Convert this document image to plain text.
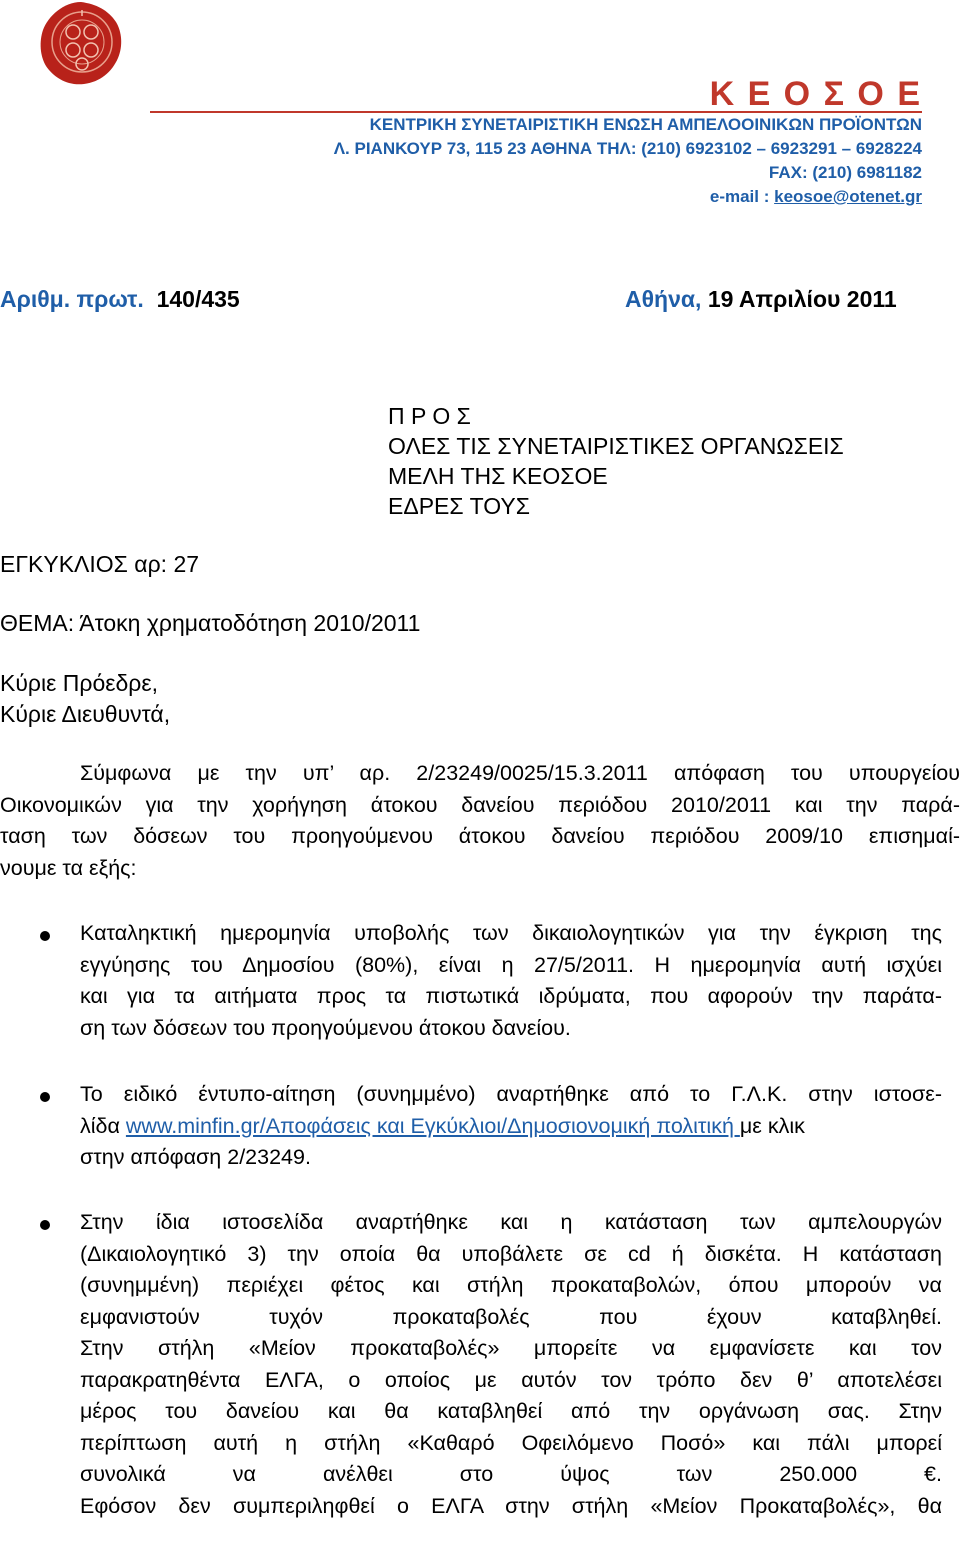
Κ Ε Ο Σ Ο Ε
ΚΕΝΤΡΙΚΗ ΣΥΝΕΤΑΙΡΙΣΤΙΚΗ ΕΝΩΣΗ ΑΜΠΕΛΟΟΙΝΙΚΩΝ ΠΡΟΪΟΝΤΩΝ
Λ. ΡΙΑΝΚΟΥΡ 73, 115 23 ΑΘΗΝΑ ΤΗΛ: (210) 6923102 – 6923291 – 6928224
FAX: (210) 6981182
e-mail : keosoe@otenet.gr
Αριθμ. πρωτ. 140/435	Αθήνα, 19 Απριλίου 2011
Π Ρ Ο Σ
ΟΛΕΣ ΤΙΣ ΣΥΝΕΤΑΙΡΙΣΤΙΚΕΣ ΟΡΓΑΝΩΣΕΙΣ
ΜΕΛΗ ΤΗΣ ΚΕΟΣΟΕ
ΕΔΡΕΣ ΤΟΥΣ
ΕΓΚΥΚΛΙΟΣ αρ: 27
ΘΕΜΑ: Άτοκη χρηματοδότηση 2010/2011
Κύριε Πρόεδρε,
Κύριε Διευθυντά,
Σύμφωνα με την υπ’ αρ. 2/23249/0025/15.3.2011 απόφαση του υπουργείου
Οικονομικών για την χορήγηση άτοκου δανείου περιόδου 2010/2011 και την παρά-
ταση των δόσεων του προηγούμενου άτοκου δανείου περιόδου 2009/10 επισημαί-
νουμε τα εξής:
Καταληκτική ημερομηνία υποβολής των δικαιολογητικών για την έγκριση της
εγγύησης του Δημοσίου (80%), είναι η 27/5/2011. Η ημερομηνία αυτή ισχύει
και για τα αιτήματα προς τα πιστωτικά ιδρύματα, που αφορούν την παράτα-
ση των δόσεων του προηγούμενου άτοκου δανείου.
Το ειδικό έντυπο-αίτηση (συνημμένο) αναρτήθηκε από το Γ.Λ.Κ. στην ιστοσε-
λίδα www.minfin.gr/Αποφάσεις και Εγκύκλιοι/Δημοσιονομική πολιτική με κλικ
στην απόφαση 2/23249.
Στην ίδια ιστοσελίδα αναρτήθηκε και η κατάσταση των αμπελουργών
(Δικαιολογητικό 3) την οποία θα υποβάλετε σε cd ή δισκέτα. Η κατάσταση
(συνημμένη) περιέχει φέτος και στήλη προκαταβολών, όπου μπορούν να
εμφανιστούν τυχόν προκαταβολές που έχουν καταβληθεί.
Στην στήλη «Μείον προκαταβολές» μπορείτε να εμφανίσετε και τον
παρακρατηθέντα ΕΛΓΑ, ο οποίος με αυτόν τον τρόπο δεν θ’ αποτελέσει
μέρος του δανείου και θα καταβληθεί από την οργάνωση σας. Στην
περίπτωση αυτή η στήλη «Καθαρό Οφειλόμενο Ποσό» και πάλι μπορεί
συνολικά να ανέλθει στο ύψος των 250.000 €.
Εφόσον δεν συμπεριληφθεί ο ΕΛΓΑ στην στήλη «Μείον Προκαταβολές», θα
